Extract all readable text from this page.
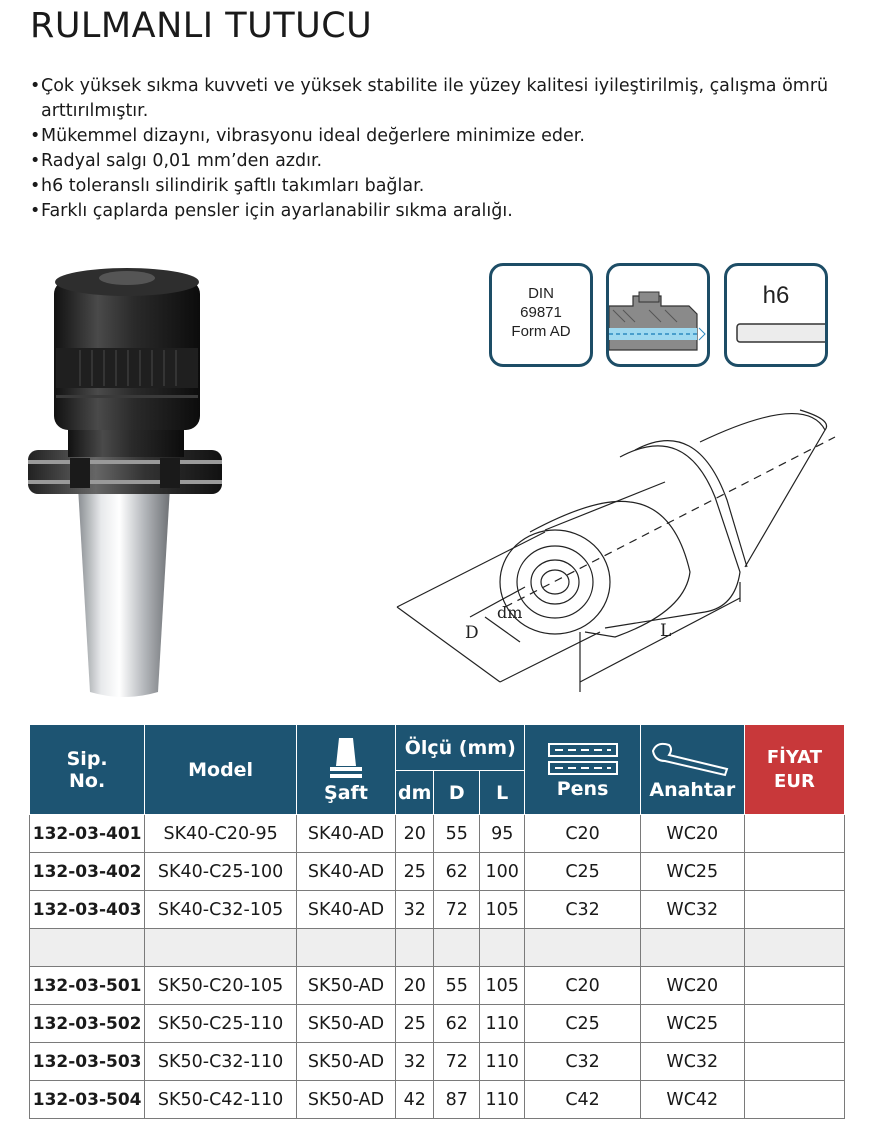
RULMANLI TUTUCU
• Çok yüksek sıkma kuvveti ve yüksek stabilite ile yüzey kalitesi iyileştirilmiş, çalışma ömrü arttırılmıştır.
• Mükemmel dizaynı, vibrasyonu ideal değerlere minimize eder.
• Radyal salgı 0,01 mm’den azdır.
• h6 toleranslı silindirik şaftlı takımları bağlar.
• Farklı çaplarda pensler için ayarlanabilir sıkma aralığı.
DIN
69871
Form AD
h6
D
dm
L
Sip.
No.	Model	Şaft	Ölçü (mm)			Pens	Anahtar	FİYAT
EUR

			dm	D	L			
132-03-401	SK40-C20-95	SK40-AD	20	55	95	C20	WC20	
132-03-402	SK40-C25-100	SK40-AD	25	62	100	C25	WC25	
132-03-403	SK40-C32-105	SK40-AD	32	72	105	C32	WC32	

132-03-501	SK50-C20-105	SK50-AD	20	55	105	C20	WC20	
132-03-502	SK50-C25-110	SK50-AD	25	62	110	C25	WC25	
132-03-503	SK50-C32-110	SK50-AD	32	72	110	C32	WC32	
132-03-504	SK50-C42-110	SK50-AD	42	87	110	C42	WC42	
